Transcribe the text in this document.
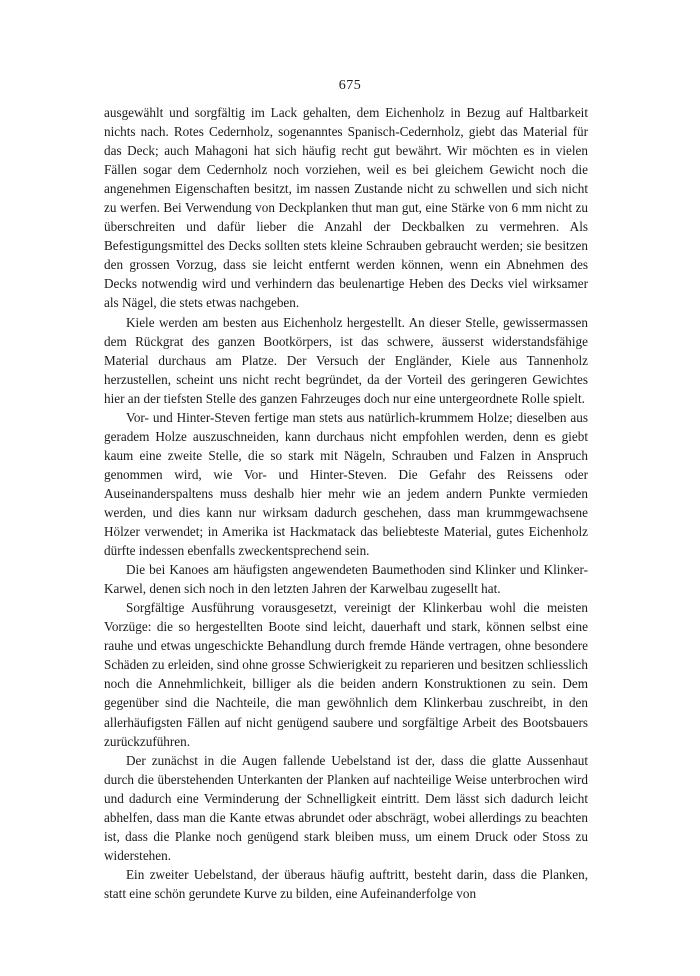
675

ausgewählt und sorgfältig im Lack gehalten, dem Eichenholz in Bezug auf Haltbarkeit nichts nach. Rotes Cedernholz, sogenanntes Spanisch-Cedernholz, giebt das Material für das Deck; auch Mahagoni hat sich häufig recht gut bewährt. Wir möchten es in vielen Fällen sogar dem Cedernholz noch vorziehen, weil es bei gleichem Gewicht noch die angenehmen Eigenschaften besitzt, im nassen Zustande nicht zu schwellen und sich nicht zu werfen. Bei Verwendung von Deckplanken thut man gut, eine Stärke von 6 mm nicht zu überschreiten und dafür lieber die Anzahl der Deckbalken zu vermehren. Als Befestigungsmittel des Decks sollten stets kleine Schrauben gebraucht werden; sie besitzen den grossen Vorzug, dass sie leicht entfernt werden können, wenn ein Abnehmen des Decks notwendig wird und verhindern das beulenartige Heben des Decks viel wirksamer als Nägel, die stets etwas nachgeben.

Kiele werden am besten aus Eichenholz hergestellt. An dieser Stelle, gewissermassen dem Rückgrat des ganzen Bootkörpers, ist das schwere, äusserst widerstandsfähige Material durchaus am Platze. Der Versuch der Engländer, Kiele aus Tannenholz herzustellen, scheint uns nicht recht begründet, da der Vorteil des geringeren Gewichtes hier an der tiefsten Stelle des ganzen Fahrzeuges doch nur eine untergeordnete Rolle spielt.

Vor- und Hinter-Steven fertige man stets aus natürlich-krummem Holze; dieselben aus geradem Holze auszuschneiden, kann durchaus nicht empfohlen werden, denn es giebt kaum eine zweite Stelle, die so stark mit Nägeln, Schrauben und Falzen in Anspruch genommen wird, wie Vor- und Hinter-Steven. Die Gefahr des Reissens oder Auseinanderspaltens muss deshalb hier mehr wie an jedem andern Punkte vermieden werden, und dies kann nur wirksam dadurch geschehen, dass man krummgewachsene Hölzer verwendet; in Amerika ist Hackmatack das beliebteste Material, gutes Eichenholz dürfte indessen ebenfalls zweckentsprechend sein.

Die bei Kanoes am häufigsten angewendeten Baumethoden sind Klinker und Klinker-Karwel, denen sich noch in den letzten Jahren der Karwelbau zugesellt hat.

Sorgfältige Ausführung vorausgesetzt, vereinigt der Klinkerbau wohl die meisten Vorzüge: die so hergestellten Boote sind leicht, dauerhaft und stark, können selbst eine rauhe und etwas ungeschickte Behandlung durch fremde Hände vertragen, ohne besondere Schäden zu erleiden, sind ohne grosse Schwierigkeit zu reparieren und besitzen schliesslich noch die Annehmlichkeit, billiger als die beiden andern Konstruktionen zu sein. Dem gegenüber sind die Nachteile, die man gewöhnlich dem Klinkerbau zuschreibt, in den allerhäufigsten Fällen auf nicht genügend saubere und sorgfältige Arbeit des Bootsbauers zurückzuführen.

Der zunächst in die Augen fallende Uebelstand ist der, dass die glatte Aussenhaut durch die überstehenden Unterkanten der Planken auf nachteilige Weise unterbrochen wird und dadurch eine Verminderung der Schnelligkeit eintritt. Dem lässt sich dadurch leicht abhelfen, dass man die Kante etwas abrundet oder abschrägt, wobei allerdings zu beachten ist, dass die Planke noch genügend stark bleiben muss, um einem Druck oder Stoss zu widerstehen.

Ein zweiter Uebelstand, der überaus häufig auftritt, besteht darin, dass die Planken, statt eine schön gerundete Kurve zu bilden, eine Aufeinanderfolge von
